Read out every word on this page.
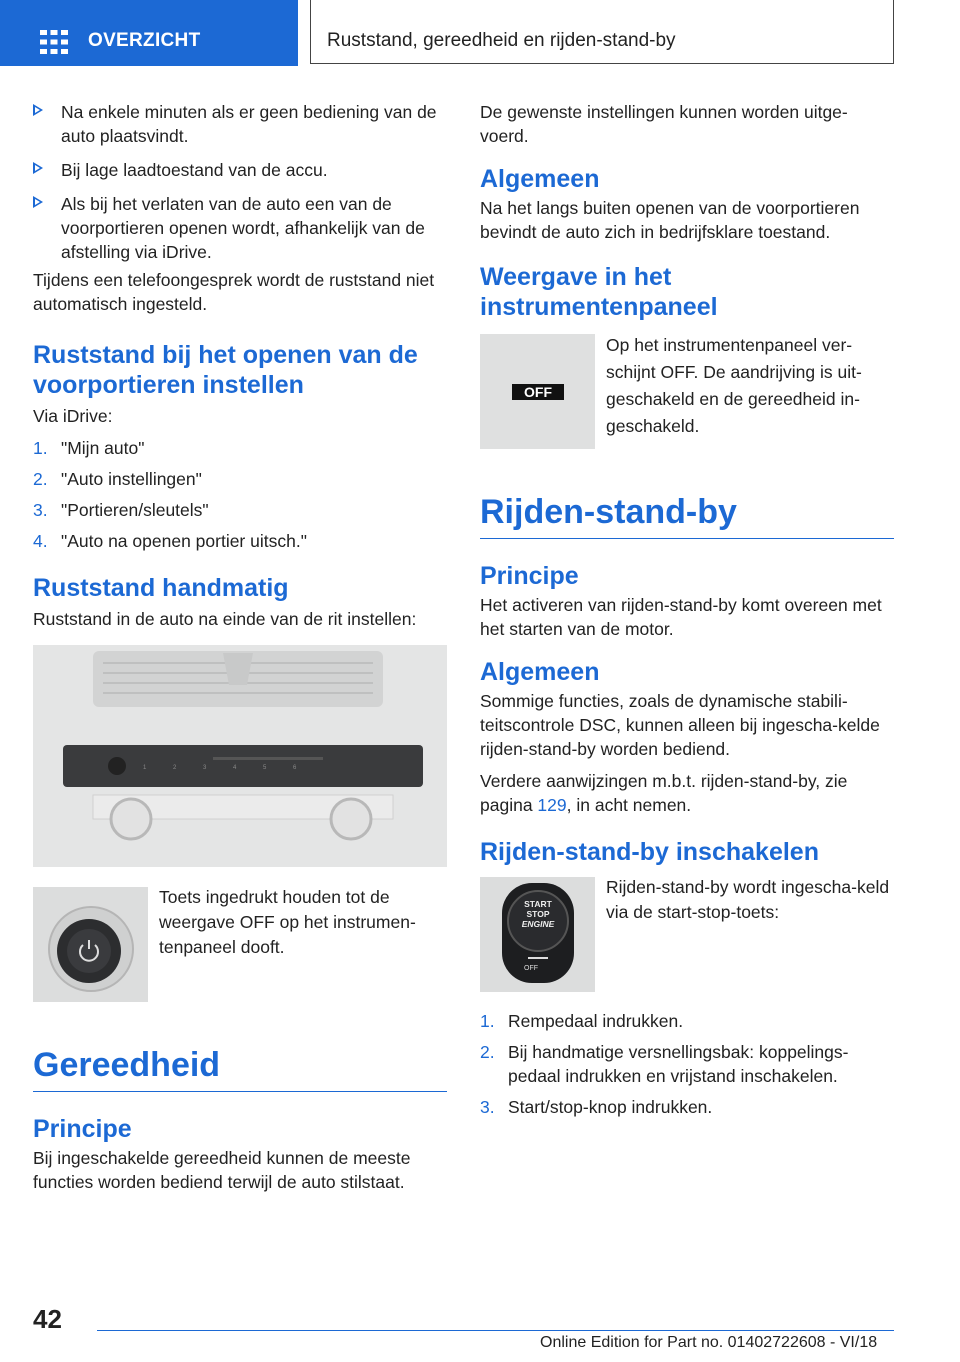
OVERZICHT	Ruststand, gereedheid en rijden-stand-by
Na enkele minuten als er geen bediening van de auto plaatsvindt.
Bij lage laadtoestand van de accu.
Als bij het verlaten van de auto een van de voorportieren openen wordt, afhankelijk van de afstelling via iDrive.

Tijdens een telefoongesprek wordt de ruststand niet automatisch ingesteld.

Ruststand bij het openen van de voorportieren instellen

Via iDrive:

1. "Mijn auto"
2. "Auto instellingen"
3. "Portieren/sleutels"
4. "Auto na openen portier uitsch."
Ruststand handmatig

Ruststand in de auto na einde van de rit instellen:

1	2	3	4	5	6

Toets ingedrukt houden tot de weergave OFF op het instrumen-tenpaneel dooft.

Gereedheid
Principe

Bij ingeschakelde gereedheid kunnen de meeste functies worden bediend terwijl de auto stilstaat.

De gewenste instellingen kunnen worden uitge-voerd.

Algemeen

Na het langs buiten openen van de voorportieren bevindt de auto zich in bedrijfsklare toestand.

Weergave in het instrumentenpaneel
OFF

Op het instrumentenpaneel ver-schijnt OFF. De aandrijving is uit-geschakeld en de gereedheid in-geschakeld.

Rijden-stand-by
Principe

Het activeren van rijden-stand-by komt overeen met het starten van de motor.

Algemeen

Sommige functies, zoals de dynamische stabili-teitscontrole DSC, kunnen alleen bij ingescha-kelde rijden-stand-by worden bediend.

Verdere aanwijzingen m.b.t. rijden-stand-by, zie pagina 129, in acht nemen.

Rijden-stand-by inschakelen
START
STOP
ENGINE
OFF

Rijden-stand-by wordt ingescha-keld via de start-stop-toets:

1. Rempedaal indrukken.
2. Bij handmatige versnellingsbak: koppelings-pedaal indrukken en vrijstand inschakelen.
3. Start/stop-knop indrukken.
42
Online Edition for Part no. 01402722608 - VI/18
